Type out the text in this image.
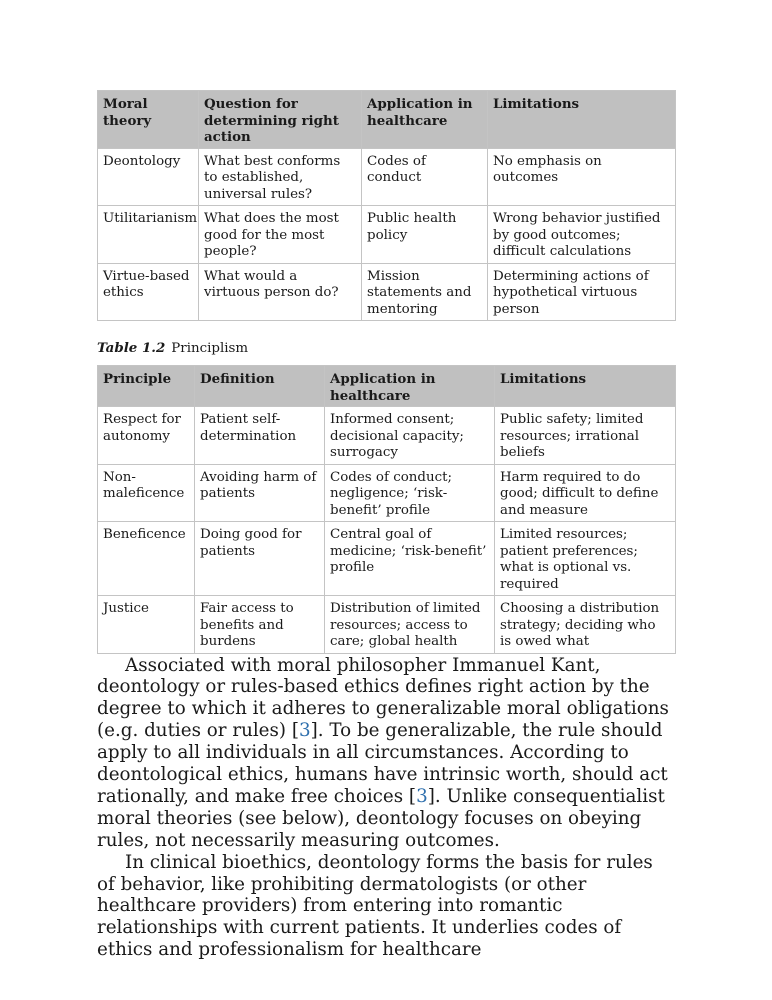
Moral theory	Question for determining right action	Application in healthcare	Limitations
Deontology	What best conforms to established, universal rules?	Codes of conduct	No emphasis on outcomes
Utilitarianism	What does the most good for the most people?	Public health policy	Wrong behavior justified by good outcomes; difficult calculations
Virtue-based ethics	What would a virtuous person do?	Mission statements and mentoring	Determining actions of hypothetical virtuous person
Table 1.2 Principlism
Principle	Definition	Application in healthcare	Limitations
Respect for autonomy	Patient self-determination	Informed consent; decisional capacity; surrogacy	Public safety; limited resources; irrational beliefs
Non-maleficence	Avoiding harm of patients	Codes of conduct; negligence; ‘risk-benefit’ profile	Harm required to do good; difficult to define and measure
Beneficence	Doing good for patients	Central goal of medicine; ‘risk-benefit’ profile	Limited resources; patient preferences; what is optional vs. required
Justice	Fair access to benefits and burdens	Distribution of limited resources; access to care; global health	Choosing a distribution strategy; deciding who is owed what

Associated with moral philosopher Immanuel Kant, deontology or rules-based ethics defines right action by the degree to which it adheres to generalizable moral obligations (e.g. duties or rules) [3]. To be generalizable, the rule should apply to all individuals in all circumstances. According to deontological ethics, humans have intrinsic worth, should act rationally, and make free choices [3]. Unlike consequentialist moral theories (see below), deontology focuses on obeying rules, not necessarily measuring outcomes.

In clinical bioethics, deontology forms the basis for rules of behavior, like prohibiting dermatologists (or other healthcare providers) from entering into romantic relationships with current patients. It underlies codes of ethics and professionalism for healthcare
